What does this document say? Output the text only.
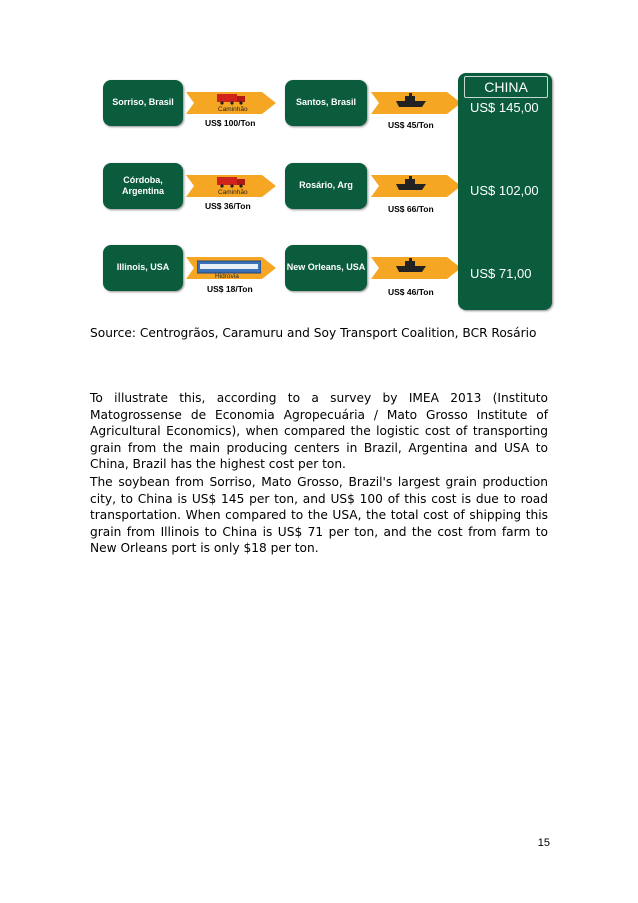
Sorriso, Brasil
Caminhão
US$ 100/Ton
Santos, Brasil
US$ 45/Ton
Córdoba, Argentina	Caminhão
US$ 36/Ton
Rosário, Arg
US$ 66/Ton
Illinois, USA
Hidrovia
US$ 18/Ton
New Orleans, USA
US$ 46/Ton
CHINA
US$ 145,00
US$ 102,00
US$ 71,00

Source: Centrogrãos, Caramuru and Soy Transport Coalition, BCR Rosário

To illustrate this, according to a survey by IMEA 2013 (Instituto Matogrossense de Economia Agropecuária / Mato Grosso Institute of Agricultural Economics), when compared the logistic cost of transporting grain from the main producing centers in Brazil, Argentina and USA to China, Brazil has the highest cost per ton.

The soybean from Sorriso, Mato Grosso, Brazil's largest grain production city, to China is US$ 145 per ton, and US$ 100 of this cost is due to road transportation. When compared to the USA, the total cost of shipping this grain from Illinois to China is US$ 71 per ton, and the cost from farm to New Orleans port is only $18 per ton.

15
